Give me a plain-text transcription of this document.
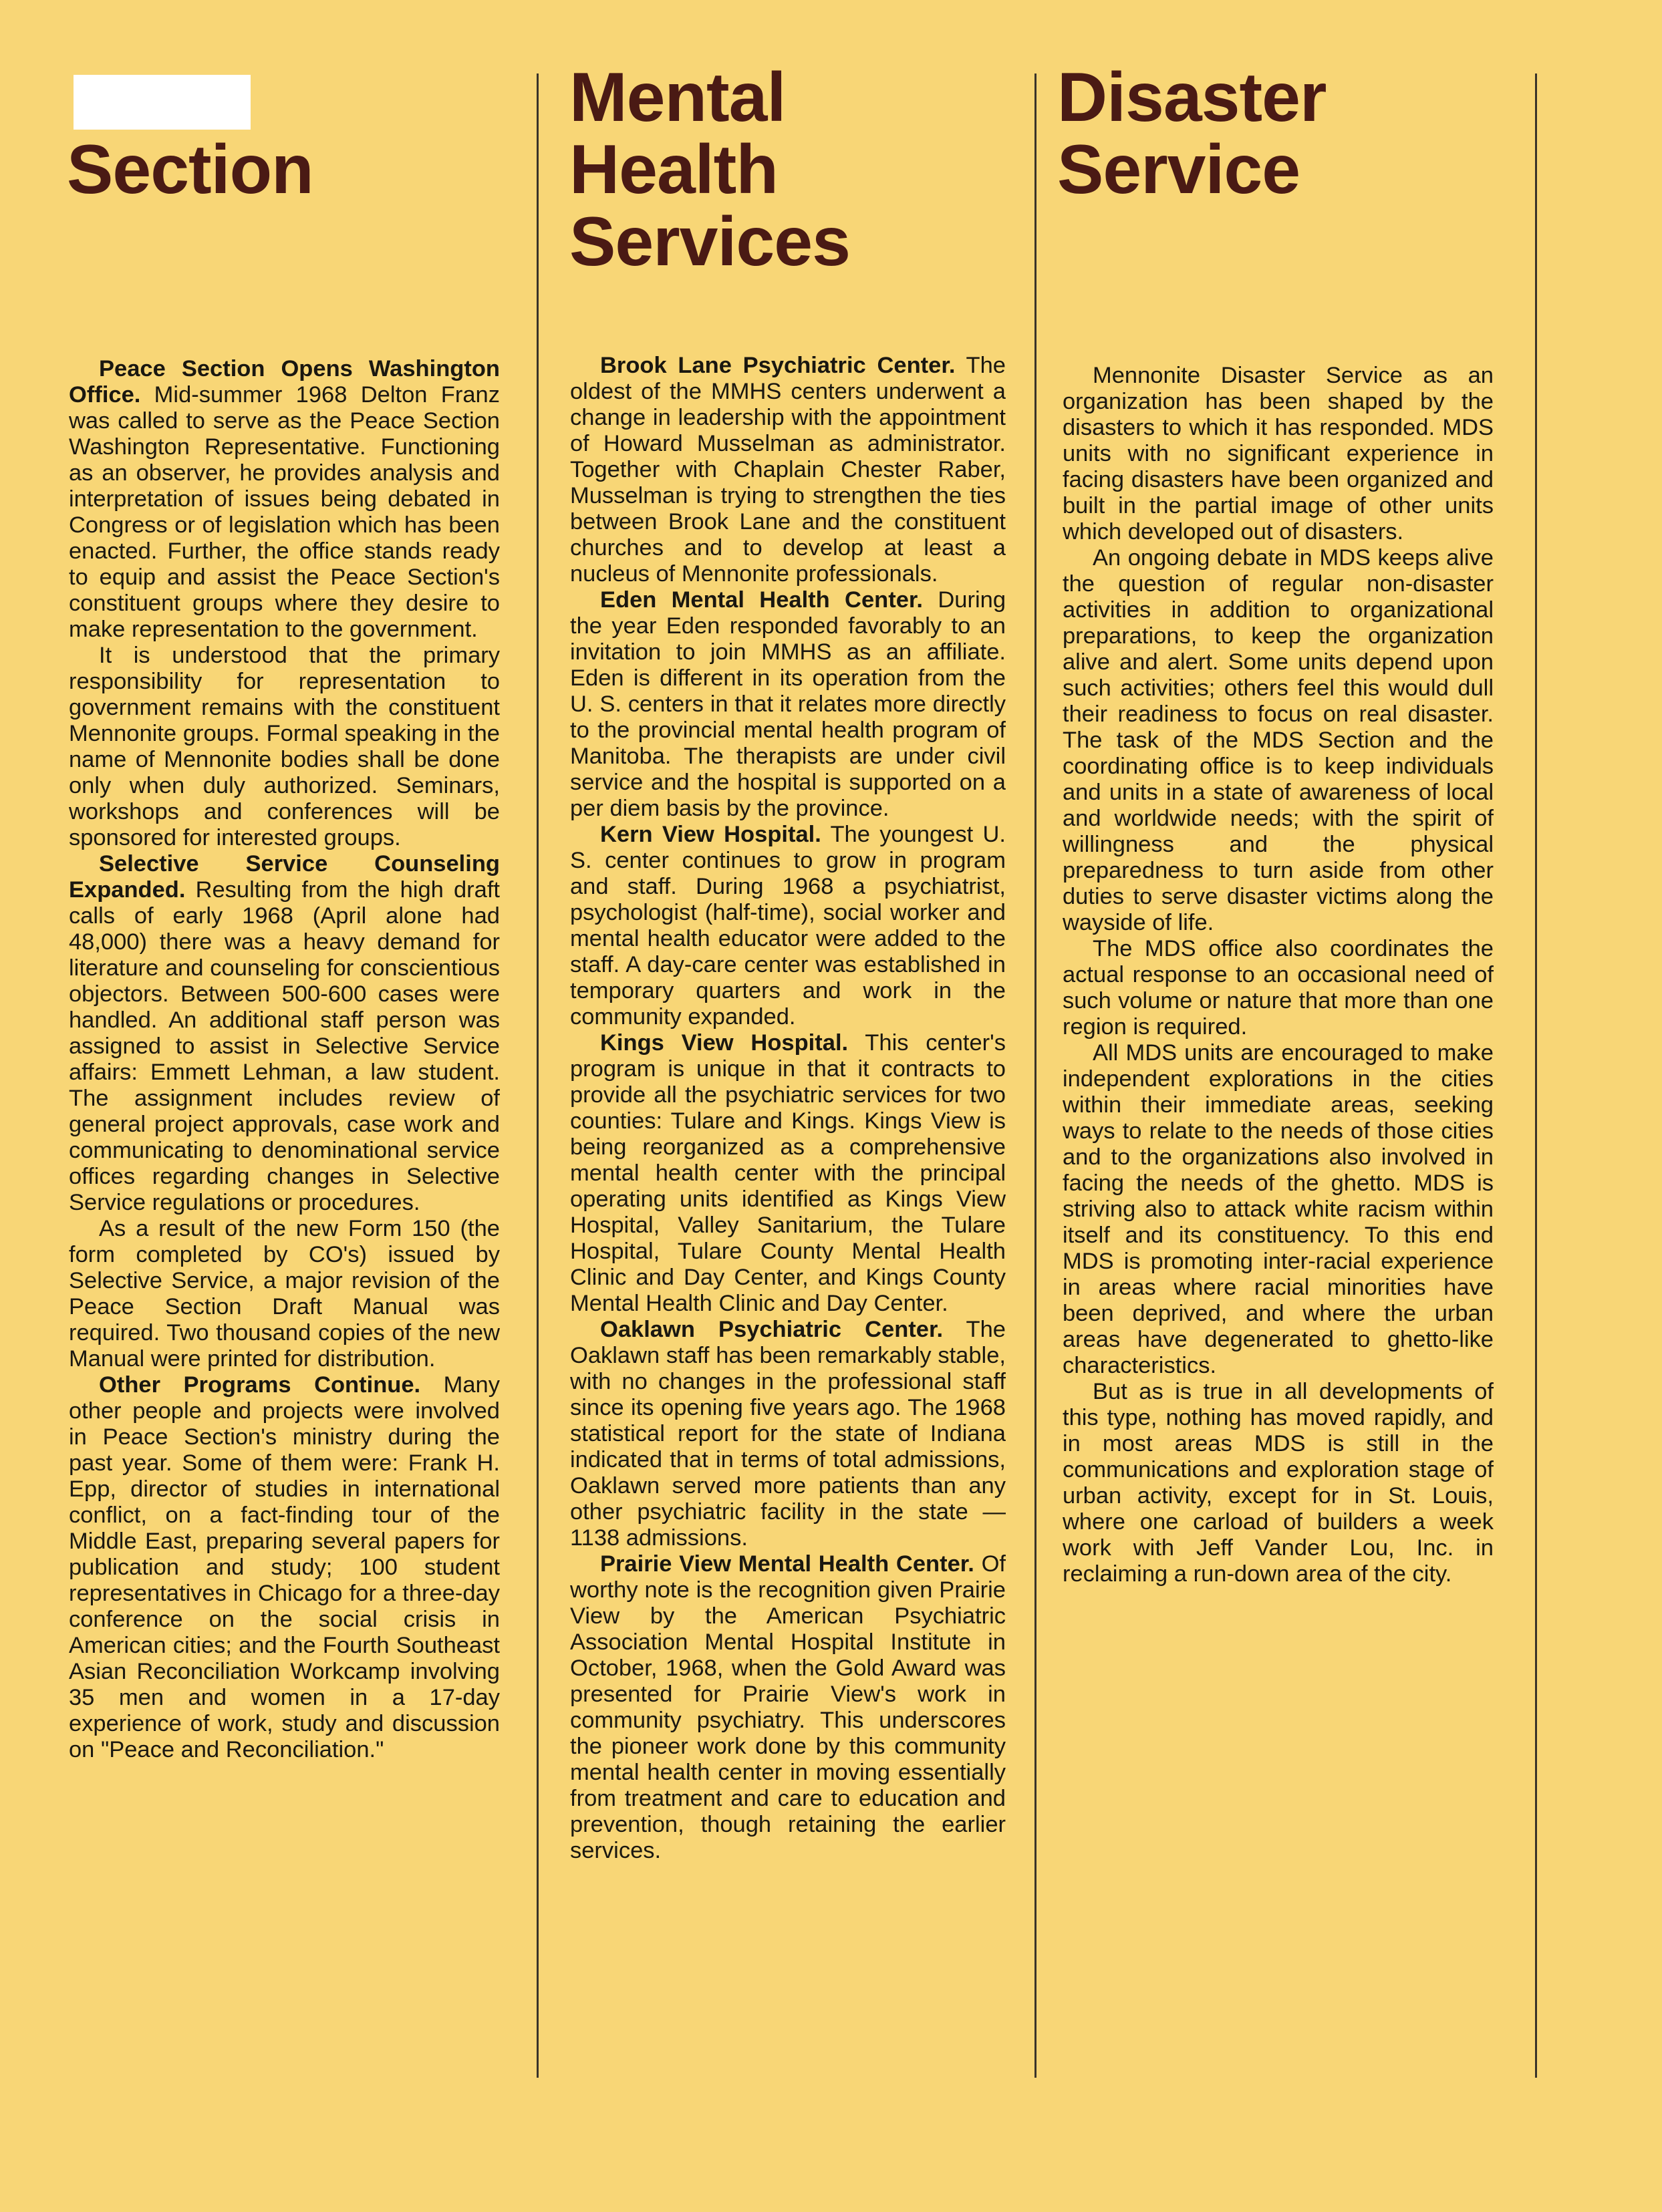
Section

Peace Section Opens Washington Office. Mid-summer 1968 Delton Franz was called to serve as the Peace Section Washington Representative. Functioning as an observer, he provides analysis and interpretation of issues being debated in Congress or of legislation which has been enacted. Further, the office stands ready to equip and assist the Peace Section's constituent groups where they desire to make representation to the government.

It is understood that the primary responsibility for representation to government remains with the constituent Mennonite groups. Formal speaking in the name of Mennonite bodies shall be done only when duly authorized. Seminars, workshops and conferences will be sponsored for interested groups.

Selective Service Counseling Expanded. Resulting from the high draft calls of early 1968 (April alone had 48,000) there was a heavy demand for literature and counseling for conscientious objectors. Between 500-600 cases were handled. An additional staff person was assigned to assist in Selective Service affairs: Emmett Lehman, a law student. The assignment includes review of general project approvals, case work and communicating to denominational service offices regarding changes in Selective Service regulations or procedures.

As a result of the new Form 150 (the form completed by CO's) issued by Selective Service, a major revision of the Peace Section Draft Manual was required. Two thousand copies of the new Manual were printed for distribution.

Other Programs Continue. Many other people and projects were involved in Peace Section's ministry during the past year. Some of them were: Frank H. Epp, director of studies in international conflict, on a fact-finding tour of the Middle East, preparing several papers for publication and study; 100 student representatives in Chicago for a three-day conference on the social crisis in American cities; and the Fourth Southeast Asian Reconciliation Workcamp involving 35 men and women in a 17-day experience of work, study and discussion on "Peace and Reconciliation."

Mental Health
Services

Brook Lane Psychiatric Center. The oldest of the MMHS centers underwent a change in leadership with the appointment of Howard Musselman as administrator. Together with Chaplain Chester Raber, Musselman is trying to strengthen the ties between Brook Lane and the constituent churches and to develop at least a nucleus of Mennonite professionals.

Eden Mental Health Center. During the year Eden responded favorably to an invitation to join MMHS as an affiliate. Eden is different in its operation from the U. S. centers in that it relates more directly to the provincial mental health program of Manitoba. The therapists are under civil service and the hospital is supported on a per diem basis by the province.

Kern View Hospital. The youngest U. S. center continues to grow in program and staff. During 1968 a psychiatrist, psychologist (half-time), social worker and mental health educator were added to the staff. A day-care center was established in temporary quarters and work in the community expanded.

Kings View Hospital. This center's program is unique in that it contracts to provide all the psychiatric services for two counties: Tulare and Kings. Kings View is being reorganized as a comprehensive mental health center with the principal operating units identified as Kings View Hospital, Valley Sanitarium, the Tulare Hospital, Tulare County Mental Health Clinic and Day Center, and Kings County Mental Health Clinic and Day Center.

Oaklawn Psychiatric Center. The Oaklawn staff has been remarkably stable, with no changes in the professional staff since its opening five years ago. The 1968 statistical report for the state of Indiana indicated that in terms of total admissions, Oaklawn served more patients than any other psychiatric facility in the state — 1138 admissions.

Prairie View Mental Health Center. Of worthy note is the recognition given Prairie View by the American Psychiatric Association Mental Hospital Institute in October, 1968, when the Gold Award was presented for Prairie View's work in community psychiatry. This underscores the pioneer work done by this community mental health center in moving essentially from treatment and care to education and prevention, though retaining the earlier services.

Disaster
Service

Mennonite Disaster Service as an organization has been shaped by the disasters to which it has responded. MDS units with no significant experience in facing disasters have been organized and built in the partial image of other units which developed out of disasters.

An ongoing debate in MDS keeps alive the question of regular non-disaster activities in addition to organizational preparations, to keep the organization alive and alert. Some units depend upon such activities; others feel this would dull their readiness to focus on real disaster. The task of the MDS Section and the coordinating office is to keep individuals and units in a state of awareness of local and worldwide needs; with the spirit of willingness and the physical preparedness to turn aside from other duties to serve disaster victims along the wayside of life.

The MDS office also coordinates the actual response to an occasional need of such volume or nature that more than one region is required.

All MDS units are encouraged to make independent explorations in the cities within their immediate areas, seeking ways to relate to the needs of those cities and to the organizations also involved in facing the needs of the ghetto. MDS is striving also to attack white racism within itself and its constituency. To this end MDS is promoting inter-racial experience in areas where racial minorities have been deprived, and where the urban areas have degenerated to ghetto-like characteristics.

But as is true in all developments of this type, nothing has moved rapidly, and in most areas MDS is still in the communications and exploration stage of urban activity, except for in St. Louis, where one carload of builders a week work with Jeff Vander Lou, Inc. in reclaiming a run-down area of the city.
